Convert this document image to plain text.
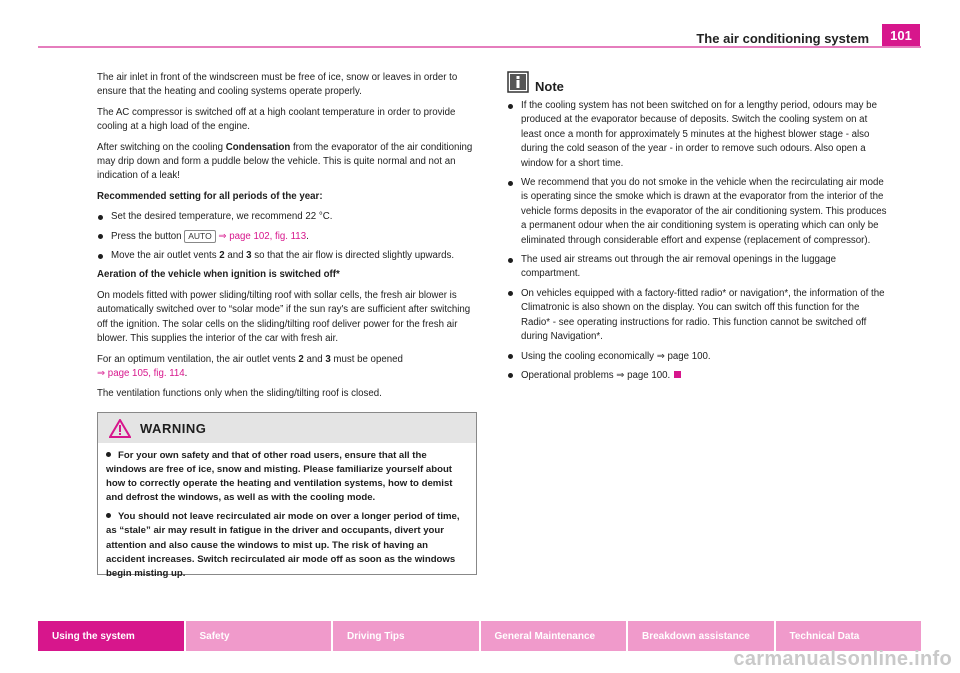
The air conditioning system	101

The air inlet in front of the windscreen must be free of ice, snow or leaves in order to ensure that the heating and cooling systems operate properly.

The AC compressor is switched off at a high coolant temperature in order to provide cooling at a high load of the engine.

After switching on the cooling Condensation from the evaporator of the air conditioning may drip down and form a puddle below the vehicle. This is quite normal and not an indication of a leak!

Recommended setting for all periods of the year:

Set the desired temperature, we recommend 22 °C.
Press the button AUTO ⇒ page 102, fig. 113.
Move the air outlet vents 2 and 3 so that the air flow is directed slightly upwards.

Aeration of the vehicle when ignition is switched off*

On models fitted with power sliding/tilting roof with sollar cells, the fresh air blower is automatically switched over to “solar mode” if the sun ray's are sufficient after switching off the ignition. The solar cells on the sliding/tilting roof deliver power for the fresh air blower. This supplies the interior of the car with fresh air.

For an optimum ventilation, the air outlet vents 2 and 3 must be opened
⇒ page 105, fig. 114.

The ventilation functions only when the sliding/tilting roof is closed.

WARNING
For your own safety and that of other road users, ensure that all the windows are free of ice, snow and misting. Please familiarize yourself about how to correctly operate the heating and ventilation systems, how to demist and defrost the windows, as well as with the cooling mode.
You should not leave recirculated air mode on over a longer period of time, as “stale” air may result in fatigue in the driver and occupants, divert your attention and also cause the windows to mist up. The risk of having an accident increases. Switch recirculated air mode off as soon as the windows begin misting up.
Note
If the cooling system has not been switched on for a lengthy period, odours may be produced at the evaporator because of deposits. Switch the cooling system on at least once a month for approximately 5 minutes at the highest blower stage - also during the cold season of the year - in order to remove such odours. Also open a window for a short time.
We recommend that you do not smoke in the vehicle when the recirculating air mode is operating since the smoke which is drawn at the evaporator from the interior of the vehicle forms deposits in the evaporator of the air conditioning system. This produces a permanent odour when the air conditioning system is operating which can only be eliminated through considerable effort and expense (replacement of compressor).
The used air streams out through the air removal openings in the luggage compartment.
On vehicles equipped with a factory-fitted radio* or navigation*, the information of the Climatronic is also shown on the display. You can switch off this function for the Radio* - see operating instructions for radio. This function cannot be switched off during Navigation*.
Using the cooling economically ⇒ page 100.
Operational problems ⇒ page 100.
Using the system	Safety	Driving Tips	General Maintenance	Breakdown assistance	Technical Data
carmanualsonline.info
